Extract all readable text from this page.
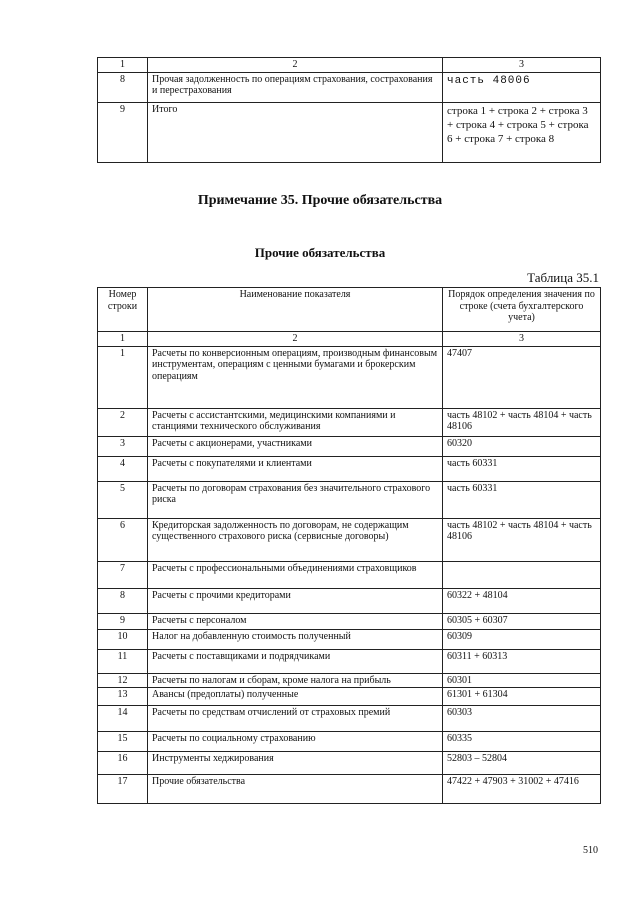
1	2	3
8	Прочая задолженность по операциям страхования, сострахования и перестрахования	часть 48006
9	Итого	строка 1 + строка 2 + строка 3 + строка 4 + строка 5 + строка 6 + строка 7 + строка 8
Примечание 35. Прочие обязательства
Прочие обязательства
Таблица 35.1
Номер строки	Наименование показателя	Порядок определения значения по строке (счета бухгалтерского учета)
1	2	3
1	Расчеты по конверсионным операциям, производным финансовым инструментам, операциям с ценными бумагами и брокерским операциям	47407
2	Расчеты с ассистантскими, медицинскими компаниями и станциями технического обслуживания	часть 48102 + часть 48104 + часть 48106
3	Расчеты с акционерами, участниками	60320
4	Расчеты с покупателями и клиентами	часть 60331
5	Расчеты по договорам страхования без значительного страхового риска	часть 60331
6	Кредиторская задолженность по договорам, не содержащим существенного страхового риска (сервисные договоры)	часть 48102 + часть 48104 + часть 48106
7	Расчеты с профессиональными объединениями страховщиков	
8	Расчеты с прочими кредиторами	60322 + 48104
9	Расчеты с персоналом	60305 + 60307
10	Налог на добавленную стоимость полученный	60309
11	Расчеты с поставщиками и подрядчиками	60311 + 60313
12	Расчеты по налогам и сборам, кроме налога на прибыль	60301
13	Авансы (предоплаты) полученные	61301 + 61304
14	Расчеты по средствам отчислений от страховых премий	60303
15	Расчеты по социальному страхованию	60335
16	Инструменты хеджирования	52803 – 52804
17	Прочие обязательства	47422 + 47903 + 31002 + 47416
510
